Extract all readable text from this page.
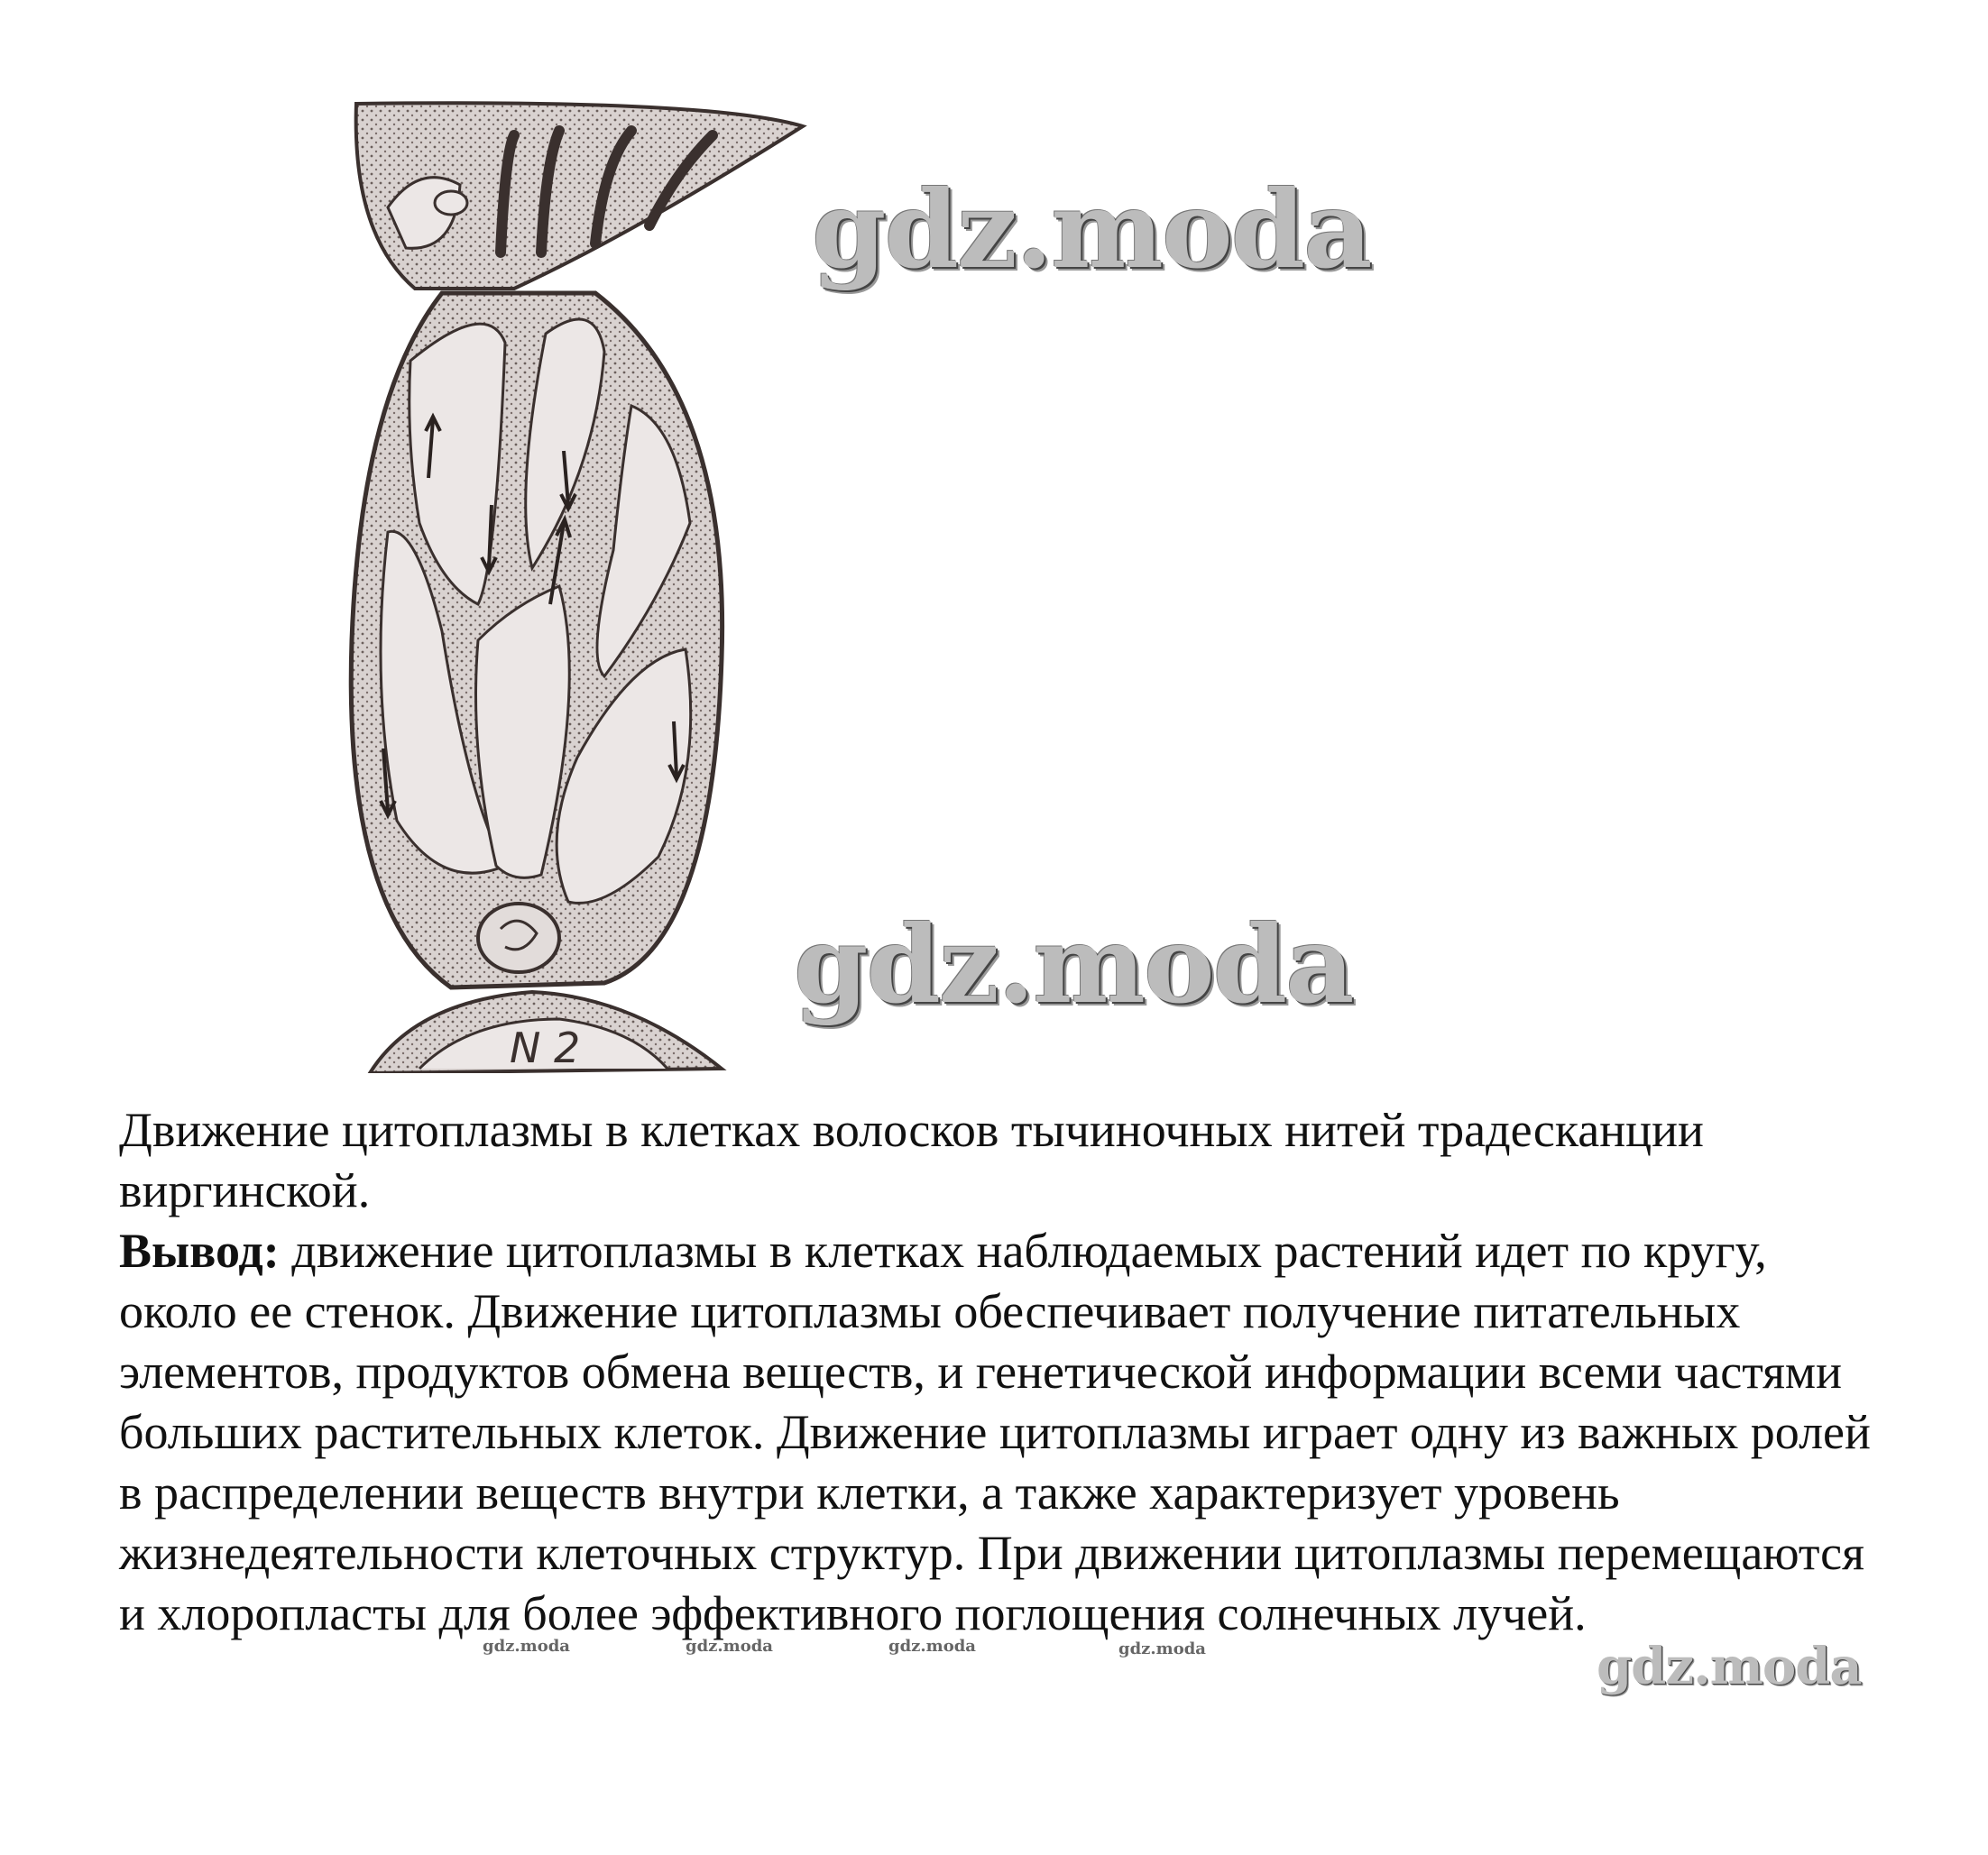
N 2
gdz.moda
gdz.moda
gdz.moda

Движение цитоплазмы в клетках волосков тычиночных нитей традесканции виргинской.

Вывод: движение цитоплазмы в клетках наблюдаемых растений идет по кругу, около ее стенок. Движение цитоплазмы обеспечивает получение питательных элементов, продуктов обмена веществ, и генетической информации всеми частями больших растительных клеток. Движение цитоплазмы играет одну из важных ролей в распределении веществ внутри клетки, а также характеризует уровень жизнедеятельности клеточных структур. При движении цитоплазмы перемещаются и хлоропласты для более эффективного поглощения солнечных лучей.

gdz.moda	gdz.moda	gdz.moda	gdz.moda
